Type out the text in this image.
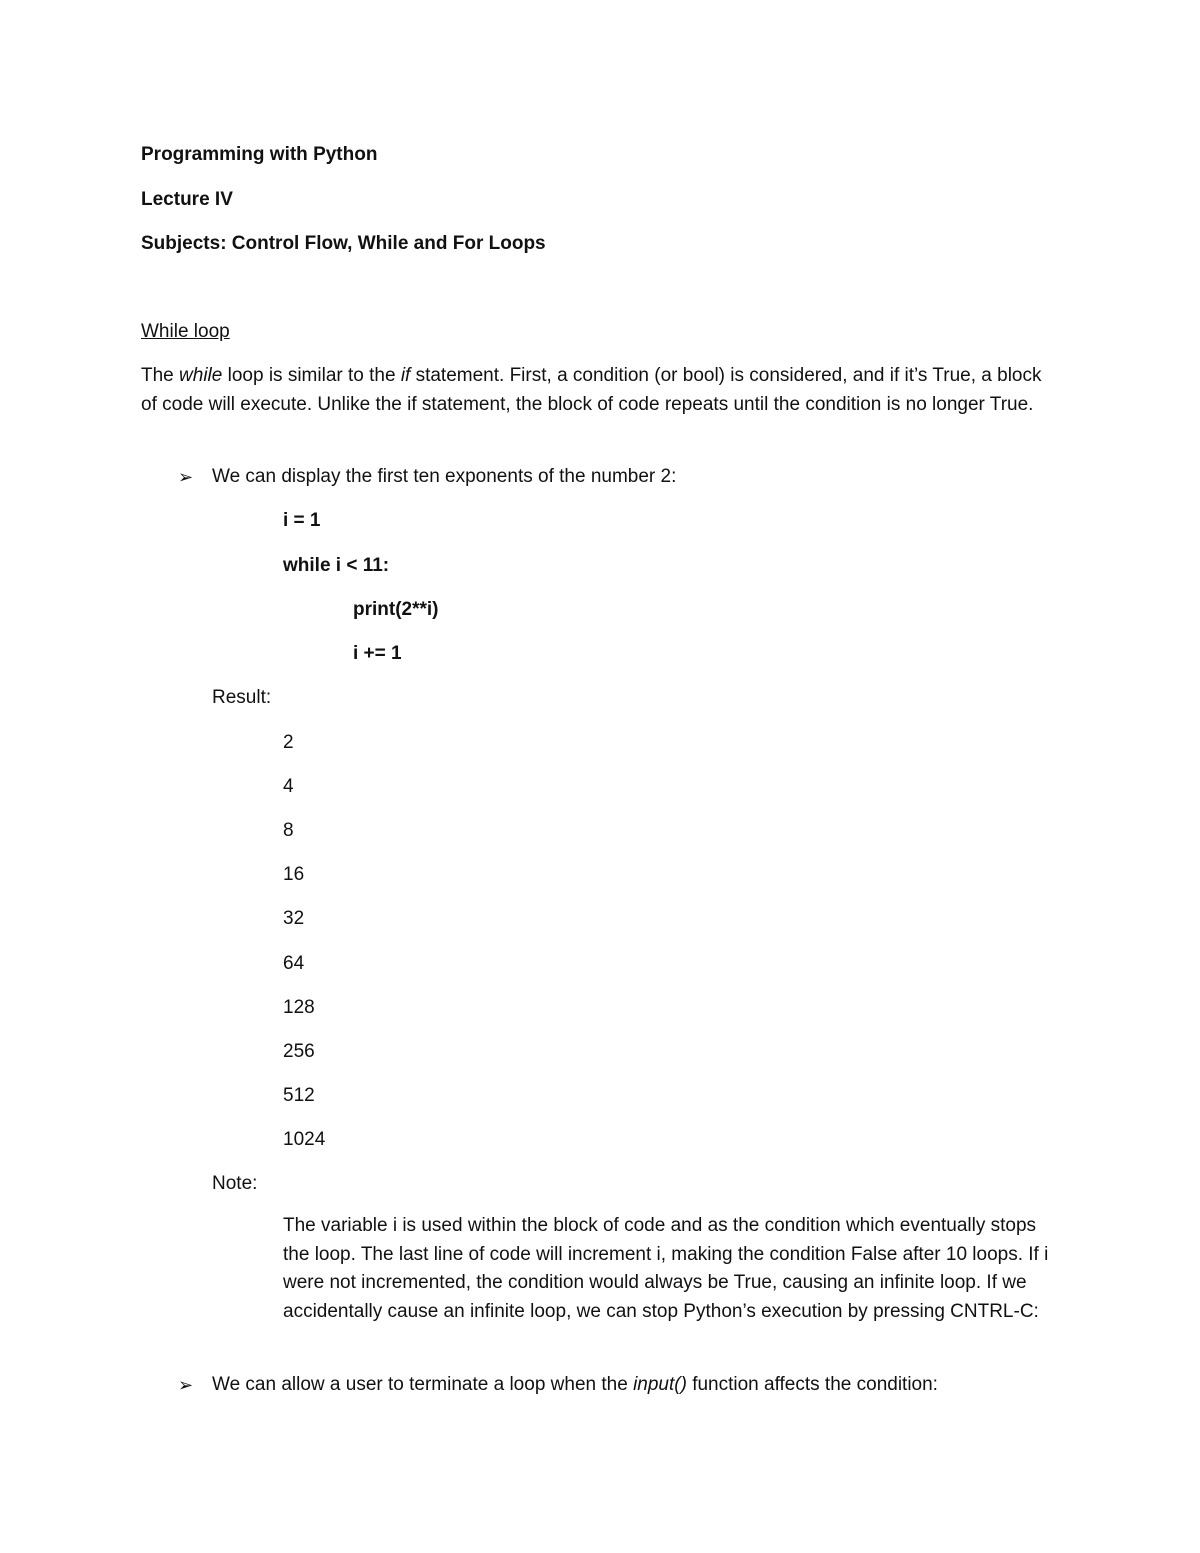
Programming with Python
Lecture IV
Subjects: Control Flow, While and For Loops
While loop
The while loop is similar to the if statement. First, a condition (or bool) is considered, and if it’s True, a block of code will execute. Unlike the if statement, the block of code repeats until the condition is no longer True.
➢ We can display the first ten exponents of the number 2:
i = 1
while i < 11:
print(2**i)
i += 1
Result:
2
4
8
16
32
64
128
256
512
1024
Note:
The variable i is used within the block of code and as the condition which eventually stops the loop. The last line of code will increment i, making the condition False after 10 loops. If i were not incremented, the condition would always be True, causing an infinite loop. If we accidentally cause an infinite loop, we can stop Python’s execution by pressing CNTRL-C:
➢ We can allow a user to terminate a loop when the input() function affects the condition:
